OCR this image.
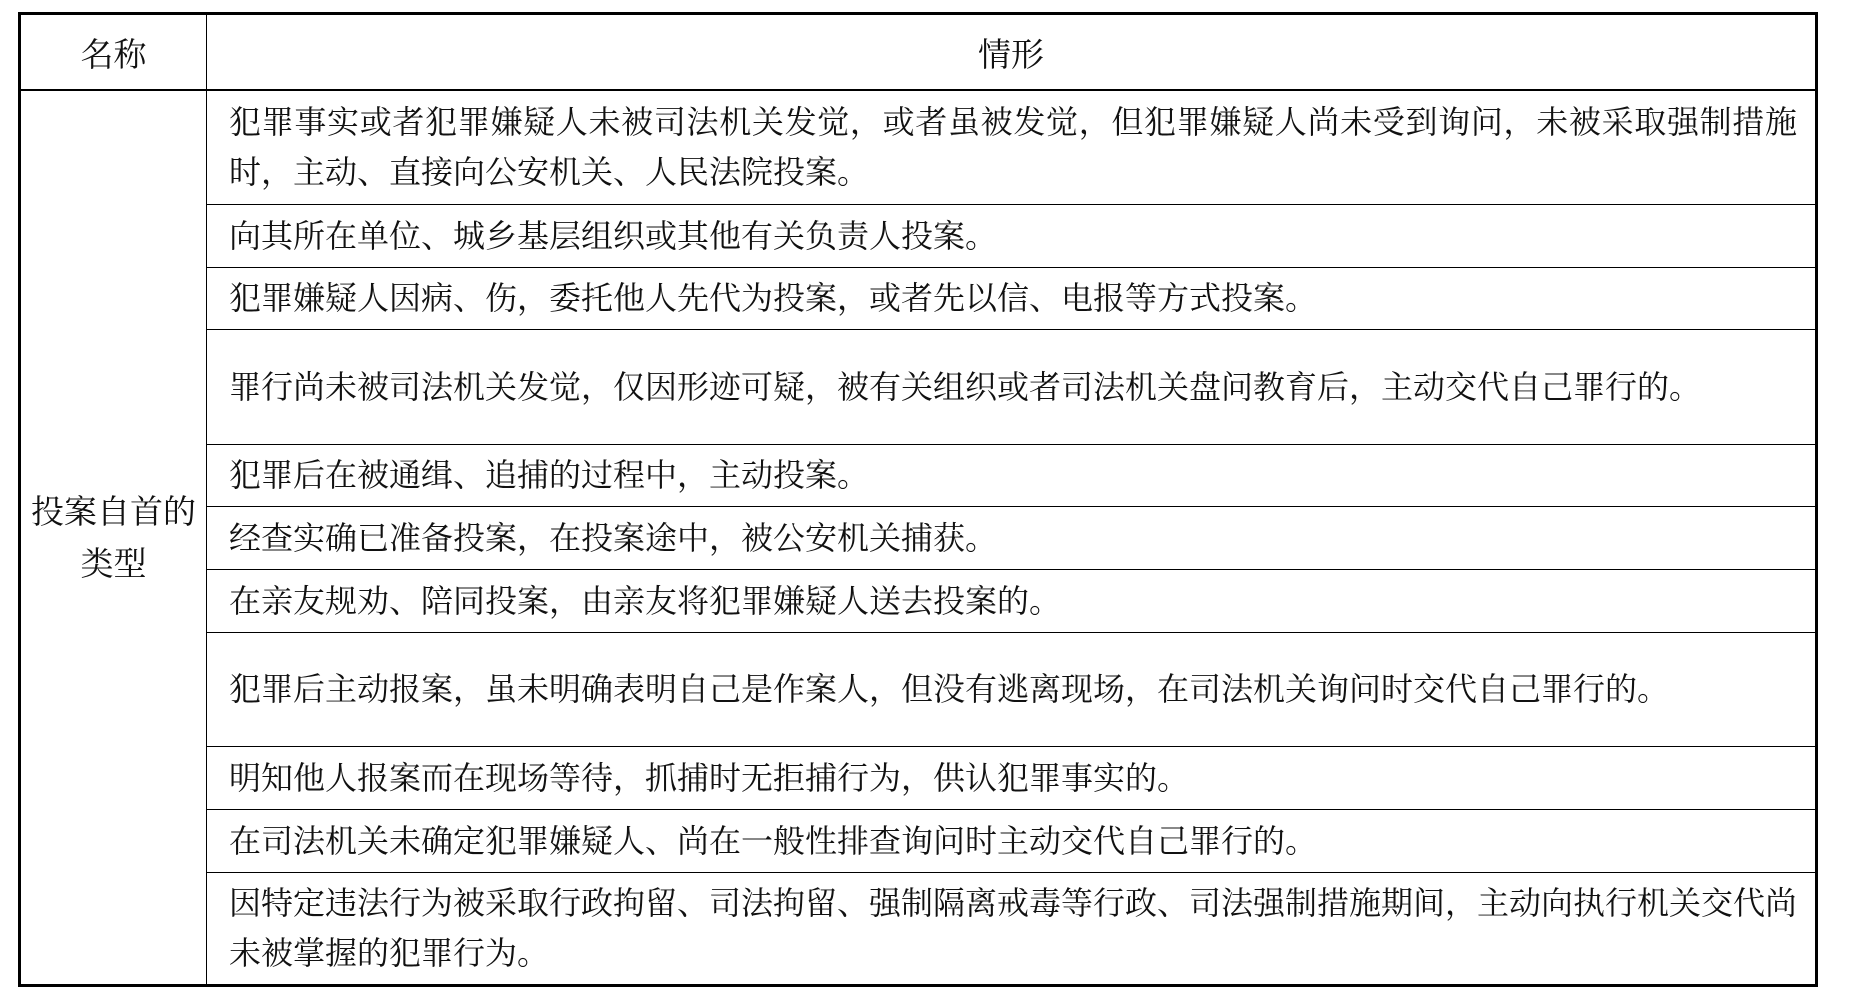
名称	情形
投案自首的类型	犯罪事实或者犯罪嫌疑人未被司法机关发觉，或者虽被发觉，但犯罪嫌疑人尚未受到询问，未被采取强制措施时，主动、直接向公安机关、人民法院投案。
	向其所在单位、城乡基层组织或其他有关负责人投案。
	犯罪嫌疑人因病、伤，委托他人先代为投案，或者先以信、电报等方式投案。
	罪行尚未被司法机关发觉，仅因形迹可疑，被有关组织或者司法机关盘问教育后，主动交代自己罪行的。
	犯罪后在被通缉、追捕的过程中，主动投案。
	经查实确已准备投案，在投案途中，被公安机关捕获。
	在亲友规劝、陪同投案，由亲友将犯罪嫌疑人送去投案的。
	犯罪后主动报案，虽未明确表明自己是作案人，但没有逃离现场，在司法机关询问时交代自己罪行的。
	明知他人报案而在现场等待，抓捕时无拒捕行为，供认犯罪事实的。
	在司法机关未确定犯罪嫌疑人、尚在一般性排查询问时主动交代自己罪行的。
	因特定违法行为被采取行政拘留、司法拘留、强制隔离戒毒等行政、司法强制措施期间，主动向执行机关交代尚未被掌握的犯罪行为。
